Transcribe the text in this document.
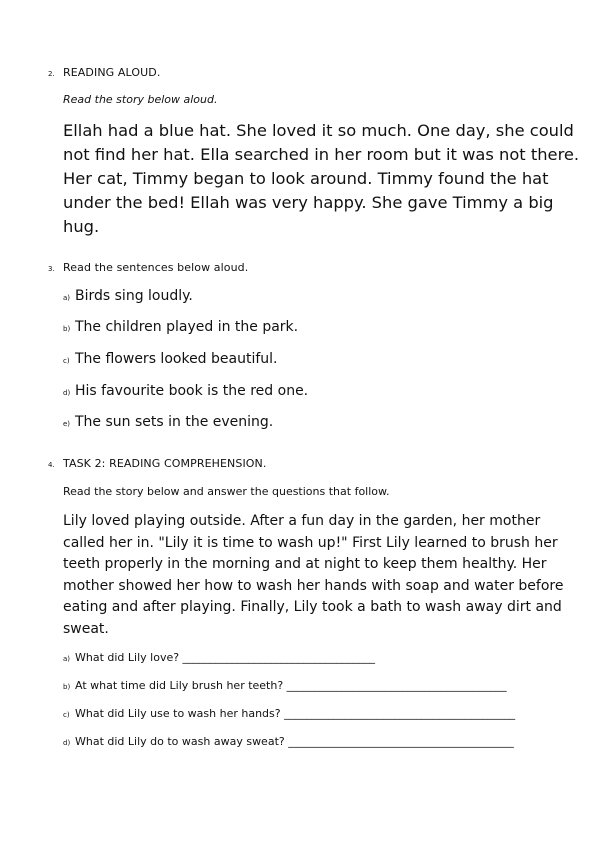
2. READING ALOUD.
Read the story below aloud.

Ellah had a blue hat. She loved it so much. One day, she could not find her hat. Ella searched in her room but it was not there. Her cat, Timmy began to look around. Timmy found the hat under the bed! Ellah was very happy. She gave Timmy a big hug.

3. Read the sentences below aloud.
a) Birds sing loudly.
b) The children played in the park.
c) The flowers looked beautiful.
d) His favourite book is the red one.
e) The sun sets in the evening.
4. TASK 2: READING COMPREHENSION.
Read the story below and answer the questions that follow.

Lily loved playing outside. After a fun day in the garden, her mother called her in. "Lily it is time to wash up!" First Lily learned to brush her teeth properly in the morning and at night to keep them healthy. Her mother showed her how to wash her hands with soap and water before eating and after playing. Finally, Lily took a bath to wash away dirt and sweat.

a) What did Lily love? ___________________________________
b) At what time did Lily brush her teeth? ________________________________________
c) What did Lily use to wash her hands? __________________________________________
d) What did Lily do to wash away sweat? _________________________________________
